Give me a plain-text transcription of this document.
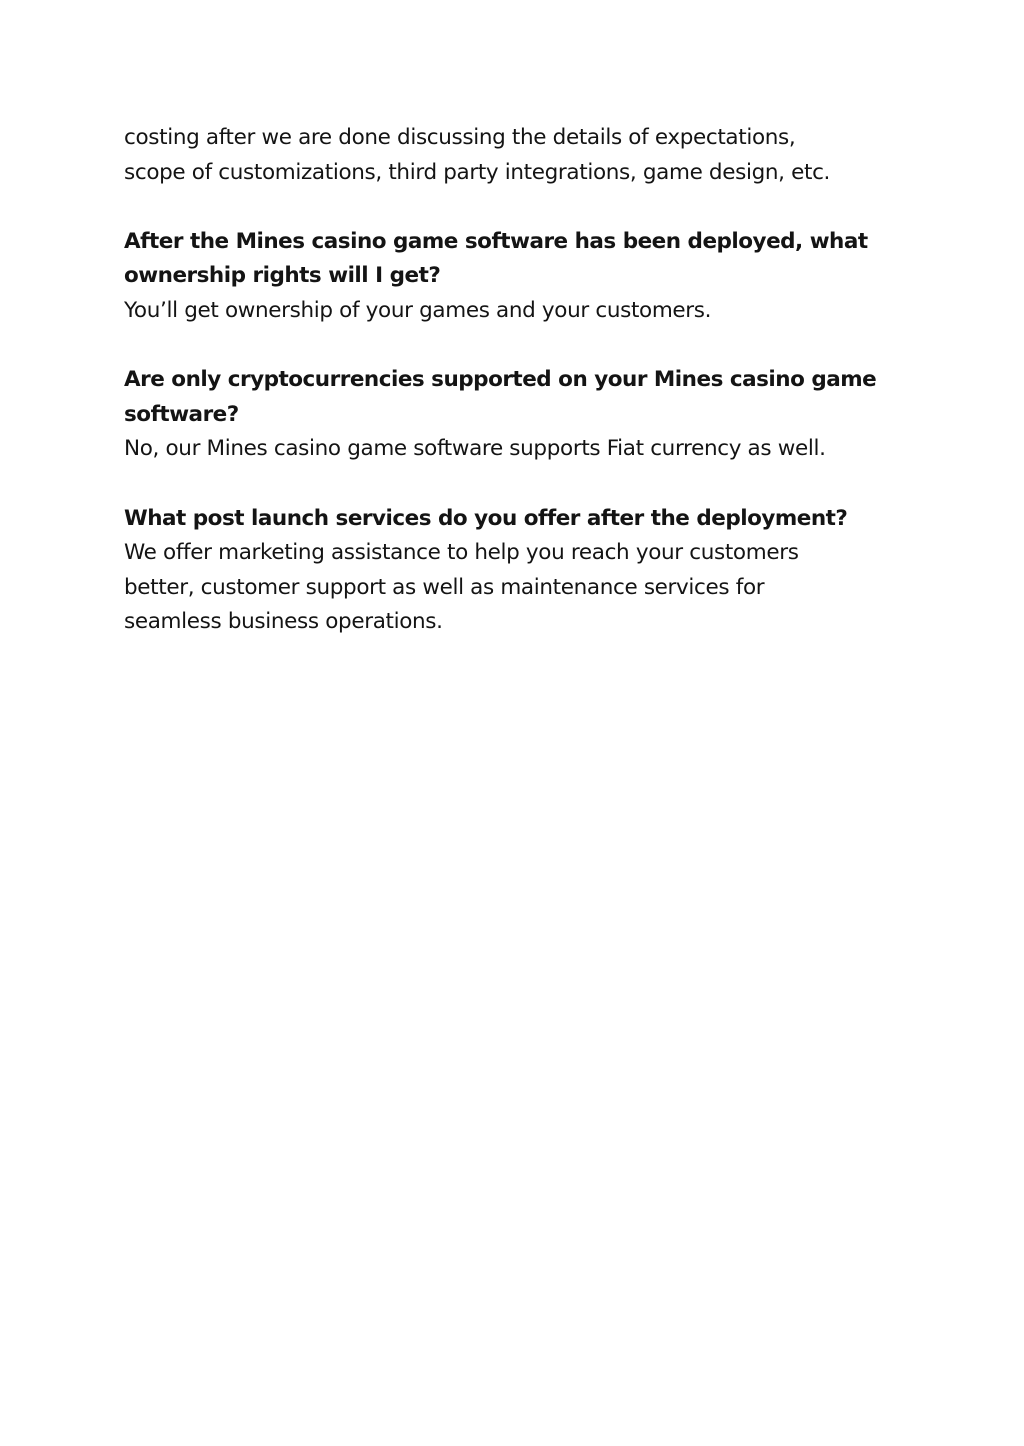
costing after we are done discussing the details of expectations,
scope of customizations, third party integrations, game design, etc.

After the Mines casino game software has been deployed, what
ownership rights will I get?

You’ll get ownership of your games and your customers.

Are only cryptocurrencies supported on your Mines casino game
software?

No, our Mines casino game software supports Fiat currency as well.

What post launch services do you offer after the deployment?

We offer marketing assistance to help you reach your customers
better, customer support as well as maintenance services for
seamless business operations.
